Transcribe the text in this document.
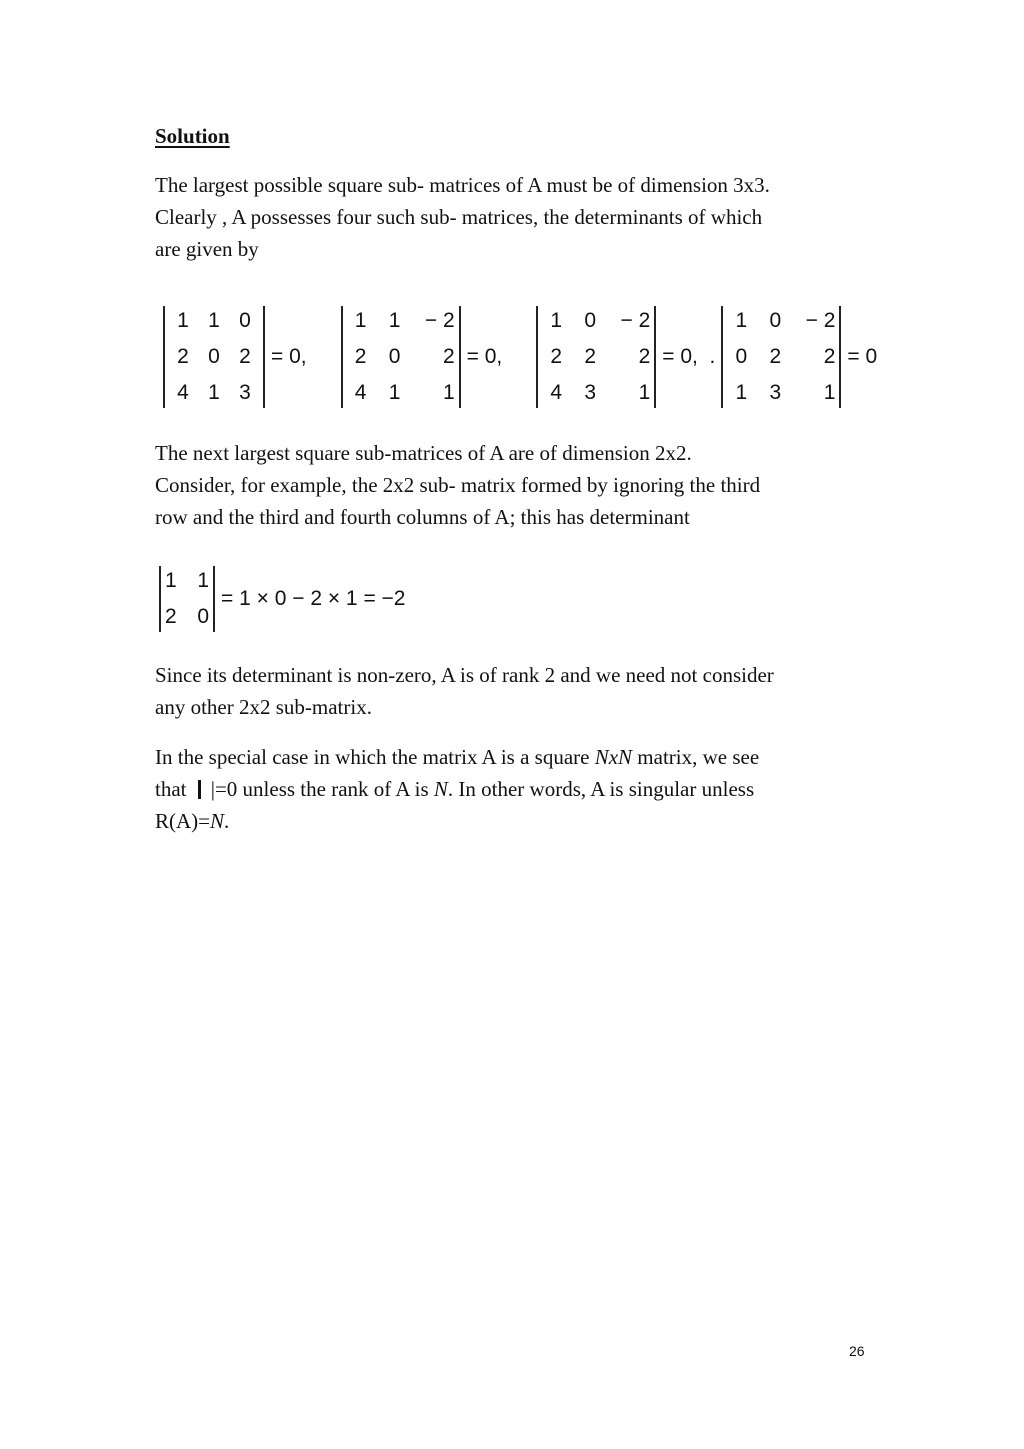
Solution

The largest possible square sub- matrices of A must be of dimension 3x3.

Clearly , A possesses four such sub- matrices, the determinants of which

are given by

1 1 0
2 0 2
4 1 3
= 0,
1	1	− 2
2	0	2
4	1	1
= 0,
1	0	− 2
2	2	2
4	3	1
= 0,  .
1	0	− 2
0	2	2
1	3	1
= 0

The next largest square sub-matrices of A are of dimension 2x2.

Consider, for example, the 2x2 sub- matrix formed by ignoring the third

row and the third and fourth columns of A; this has determinant

1 1
2 0
= 1 × 0 − 2 × 1 = −2

Since its determinant is non-zero, A is of rank 2 and we need not consider

any other 2x2 sub-matrix.

In the special case in which the matrix A is a square NxN matrix, we see

that |=0 unless the rank of A is N. In other words, A is singular unless

R(A)=N.

26
